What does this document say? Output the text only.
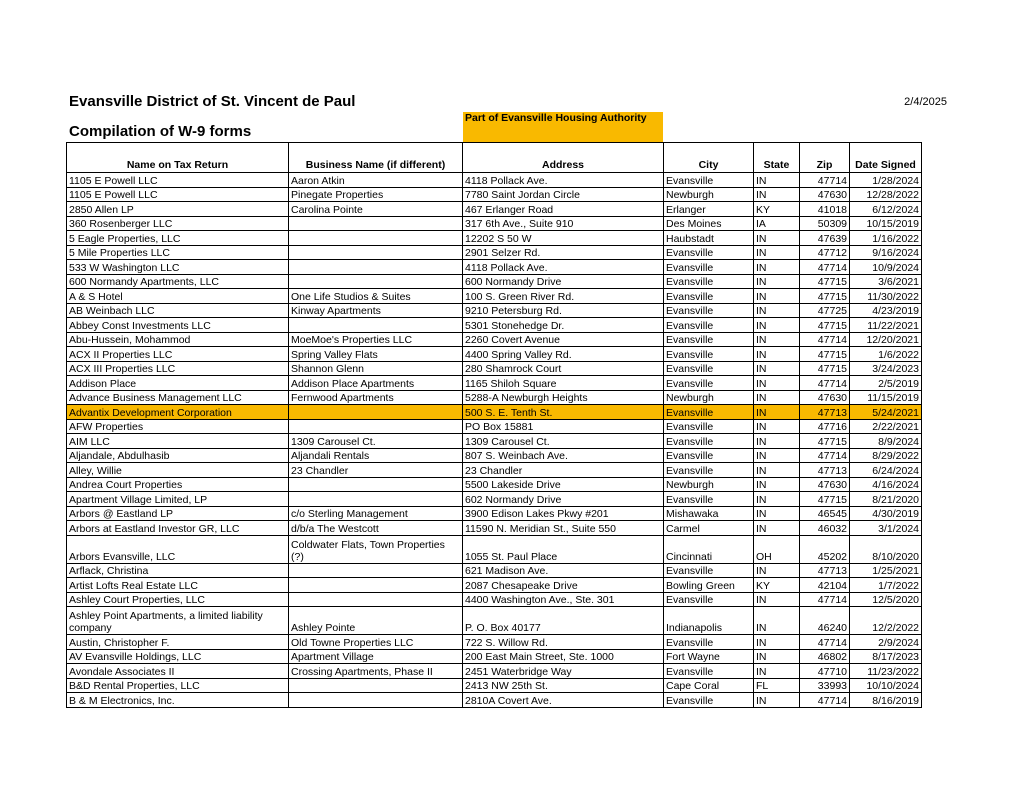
Evansville District of St. Vincent de Paul
Compilation of W-9 forms
2/4/2025
Part of Evansville Housing Authority
Name on Tax Return	Business Name (if different)	Address	City	State	Zip	Date Signed
1105 E Powell LLC	Aaron Atkin	4118 Pollack Ave.	Evansville	IN	47714	1/28/2024
1105 E Powell LLC	Pinegate Properties	7780 Saint Jordan Circle	Newburgh	IN	47630	12/28/2022
2850 Allen LP	Carolina Pointe	467 Erlanger Road	Erlanger	KY	41018	6/12/2024
360 Rosenberger LLC		317 6th Ave., Suite 910	Des Moines	IA	50309	10/15/2019
5 Eagle Properties, LLC		12202 S 50 W	Haubstadt	IN	47639	1/16/2022
5 Mile Properties LLC		2901 Selzer Rd.	Evansville	IN	47712	9/16/2024
533 W Washington LLC		4118 Pollack Ave.	Evansville	IN	47714	10/9/2024
600 Normandy Apartments, LLC		600 Normandy Drive	Evansville	IN	47715	3/6/2021
A & S Hotel	One Life Studios & Suites	100 S. Green River Rd.	Evansville	IN	47715	11/30/2022
AB Weinbach LLC	Kinway Apartments	9210 Petersburg Rd.	Evansville	IN	47725	4/23/2019
Abbey Const Investments LLC		5301 Stonehedge Dr.	Evansville	IN	47715	11/22/2021
Abu-Hussein, Mohammod	MoeMoe's Properties LLC	2260 Covert Avenue	Evansville	IN	47714	12/20/2021
ACX II Properties LLC	Spring Valley Flats	4400 Spring Valley Rd.	Evansville	IN	47715	1/6/2022
ACX III Properties LLC	Shannon Glenn	280 Shamrock Court	Evansville	IN	47715	3/24/2023
Addison Place	Addison Place Apartments	1165 Shiloh Square	Evansville	IN	47714	2/5/2019
Advance Business Management LLC	Fernwood Apartments	5288-A Newburgh Heights	Newburgh	IN	47630	11/15/2019
Advantix Development Corporation		500 S. E. Tenth St.	Evansville	IN	47713	5/24/2021
AFW Properties		PO Box 15881	Evansville	IN	47716	2/22/2021
AIM LLC	1309 Carousel Ct.	1309 Carousel Ct.	Evansville	IN	47715	8/9/2024
Aljandale, Abdulhasib	Aljandali Rentals	807 S. Weinbach Ave.	Evansville	IN	47714	8/29/2022
Alley, Willie	23 Chandler	23 Chandler	Evansville	IN	47713	6/24/2024
Andrea Court Properties		5500 Lakeside Drive	Newburgh	IN	47630	4/16/2024
Apartment Village Limited, LP		602 Normandy Drive	Evansville	IN	47715	8/21/2020
Arbors @ Eastland LP	c/o Sterling Management	3900 Edison Lakes Pkwy #201	Mishawaka	IN	46545	4/30/2019
Arbors at Eastland Investor GR, LLC	d/b/a The Westcott	11590 N. Meridian St., Suite 550	Carmel	IN	46032	3/1/2024
Arbors Evansville, LLC	Coldwater Flats, Town Properties (?)	1055 St. Paul Place	Cincinnati	OH	45202	8/10/2020
Arflack, Christina		621 Madison Ave.	Evansville	IN	47713	1/25/2021
Artist Lofts Real Estate LLC		2087 Chesapeake Drive	Bowling Green	KY	42104	1/7/2022
Ashley Court Properties, LLC		4400 Washington Ave., Ste. 301	Evansville	IN	47714	12/5/2020
Ashley Point Apartments, a limited liability company	Ashley Pointe	P. O. Box 40177	Indianapolis	IN	46240	12/2/2022
Austin, Christopher F.	Old Towne Properties LLC	722 S. Willow Rd.	Evansville	IN	47714	2/9/2024
AV Evansville Holdings, LLC	Apartment Village	200 East Main Street, Ste. 1000	Fort Wayne	IN	46802	8/17/2023
Avondale Associates II	Crossing Apartments, Phase II	2451 Waterbridge Way	Evansville	IN	47710	11/23/2022
B&D Rental Properties, LLC		2413 NW 25th St.	Cape Coral	FL	33993	10/10/2024
B & M Electronics, Inc.		2810A Covert Ave.	Evansville	IN	47714	8/16/2019
